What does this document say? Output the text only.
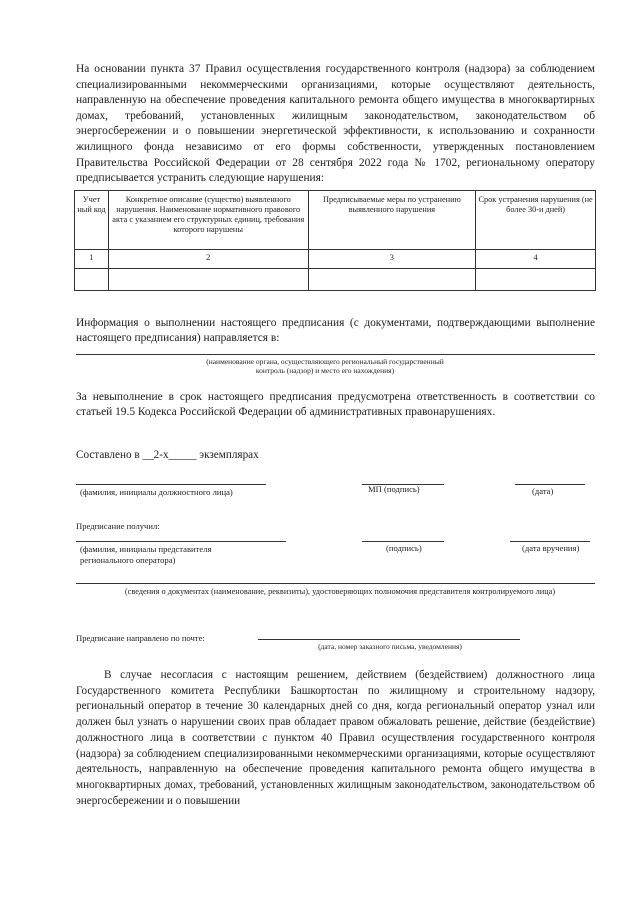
На основании пункта 37 Правил осуществления государственного контроля (надзора) за соблюдением специализированными некоммерческими организациями, которые осуществляют деятельность, направленную на обеспечение проведения капитального ремонта общего имущества в многоквартирных домах, требований, установленных жилищным законодательством, законодательством об энергосбережении и о повышении энергетической эффективности, к использованию и сохранности жилищного фонда независимо от его формы собственности, утвержденных постановлением Правительства Российской Федерации от 28 сентября 2022 года № 1702, региональному оператору предписывается устранить следующие нарушения:
Учет ный код	Конкретное описание (существо) выявленного нарушения. Наименование нормативного правового акта с указанием его структурных единиц, требования которого нарушены	Предписываемые меры по устранению выявленного нарушения	Срок устранения нарушения (не более 30-и дней)
1	2	3	4

Информация о выполнении настоящего предписания (с документами, подтверждающими выполнение настоящего предписания) направляется в:
(наименование органа, осуществляющего региональный государственный контроль (надзор) и место его нахождения)
За невыполнение в срок настоящего предписания предусмотрена ответственность в соответствии со статьей 19.5 Кодекса Российской Федерации об административных правонарушениях.
Составлено в __2-х_____ экземплярах
(фамилия, инициалы должностного лица)	МП (подпись)	(дата)
Предписание получил:
(фамилия, инициалы представителя регионального оператора)
(подпись)	(дата вручения)
(сведения о документах (наименование, реквизиты), удостоверяющих полномочия представителя контролируемого лица)
Предписание направлено по почте:
(дата, номер заказного письма, уведомления)
В случае несогласия с настоящим решением, действием (бездействием) должностного лица Государственного комитета Республики Башкортостан по жилищному и строительному надзору, региональный оператор в течение 30 календарных дней со дня, когда региональный оператор узнал или должен был узнать о нарушении своих прав обладает правом обжаловать решение, действие (бездействие) должностного лица в соответствии с пунктом 40 Правил осуществления государственного контроля (надзора) за соблюдением специализированными некоммерческими организациями, которые осуществляют деятельность, направленную на обеспечение проведения капитального ремонта общего имущества в многоквартирных домах, требований, установленных жилищным законодательством, законодательством об энергосбережении и о повышении
